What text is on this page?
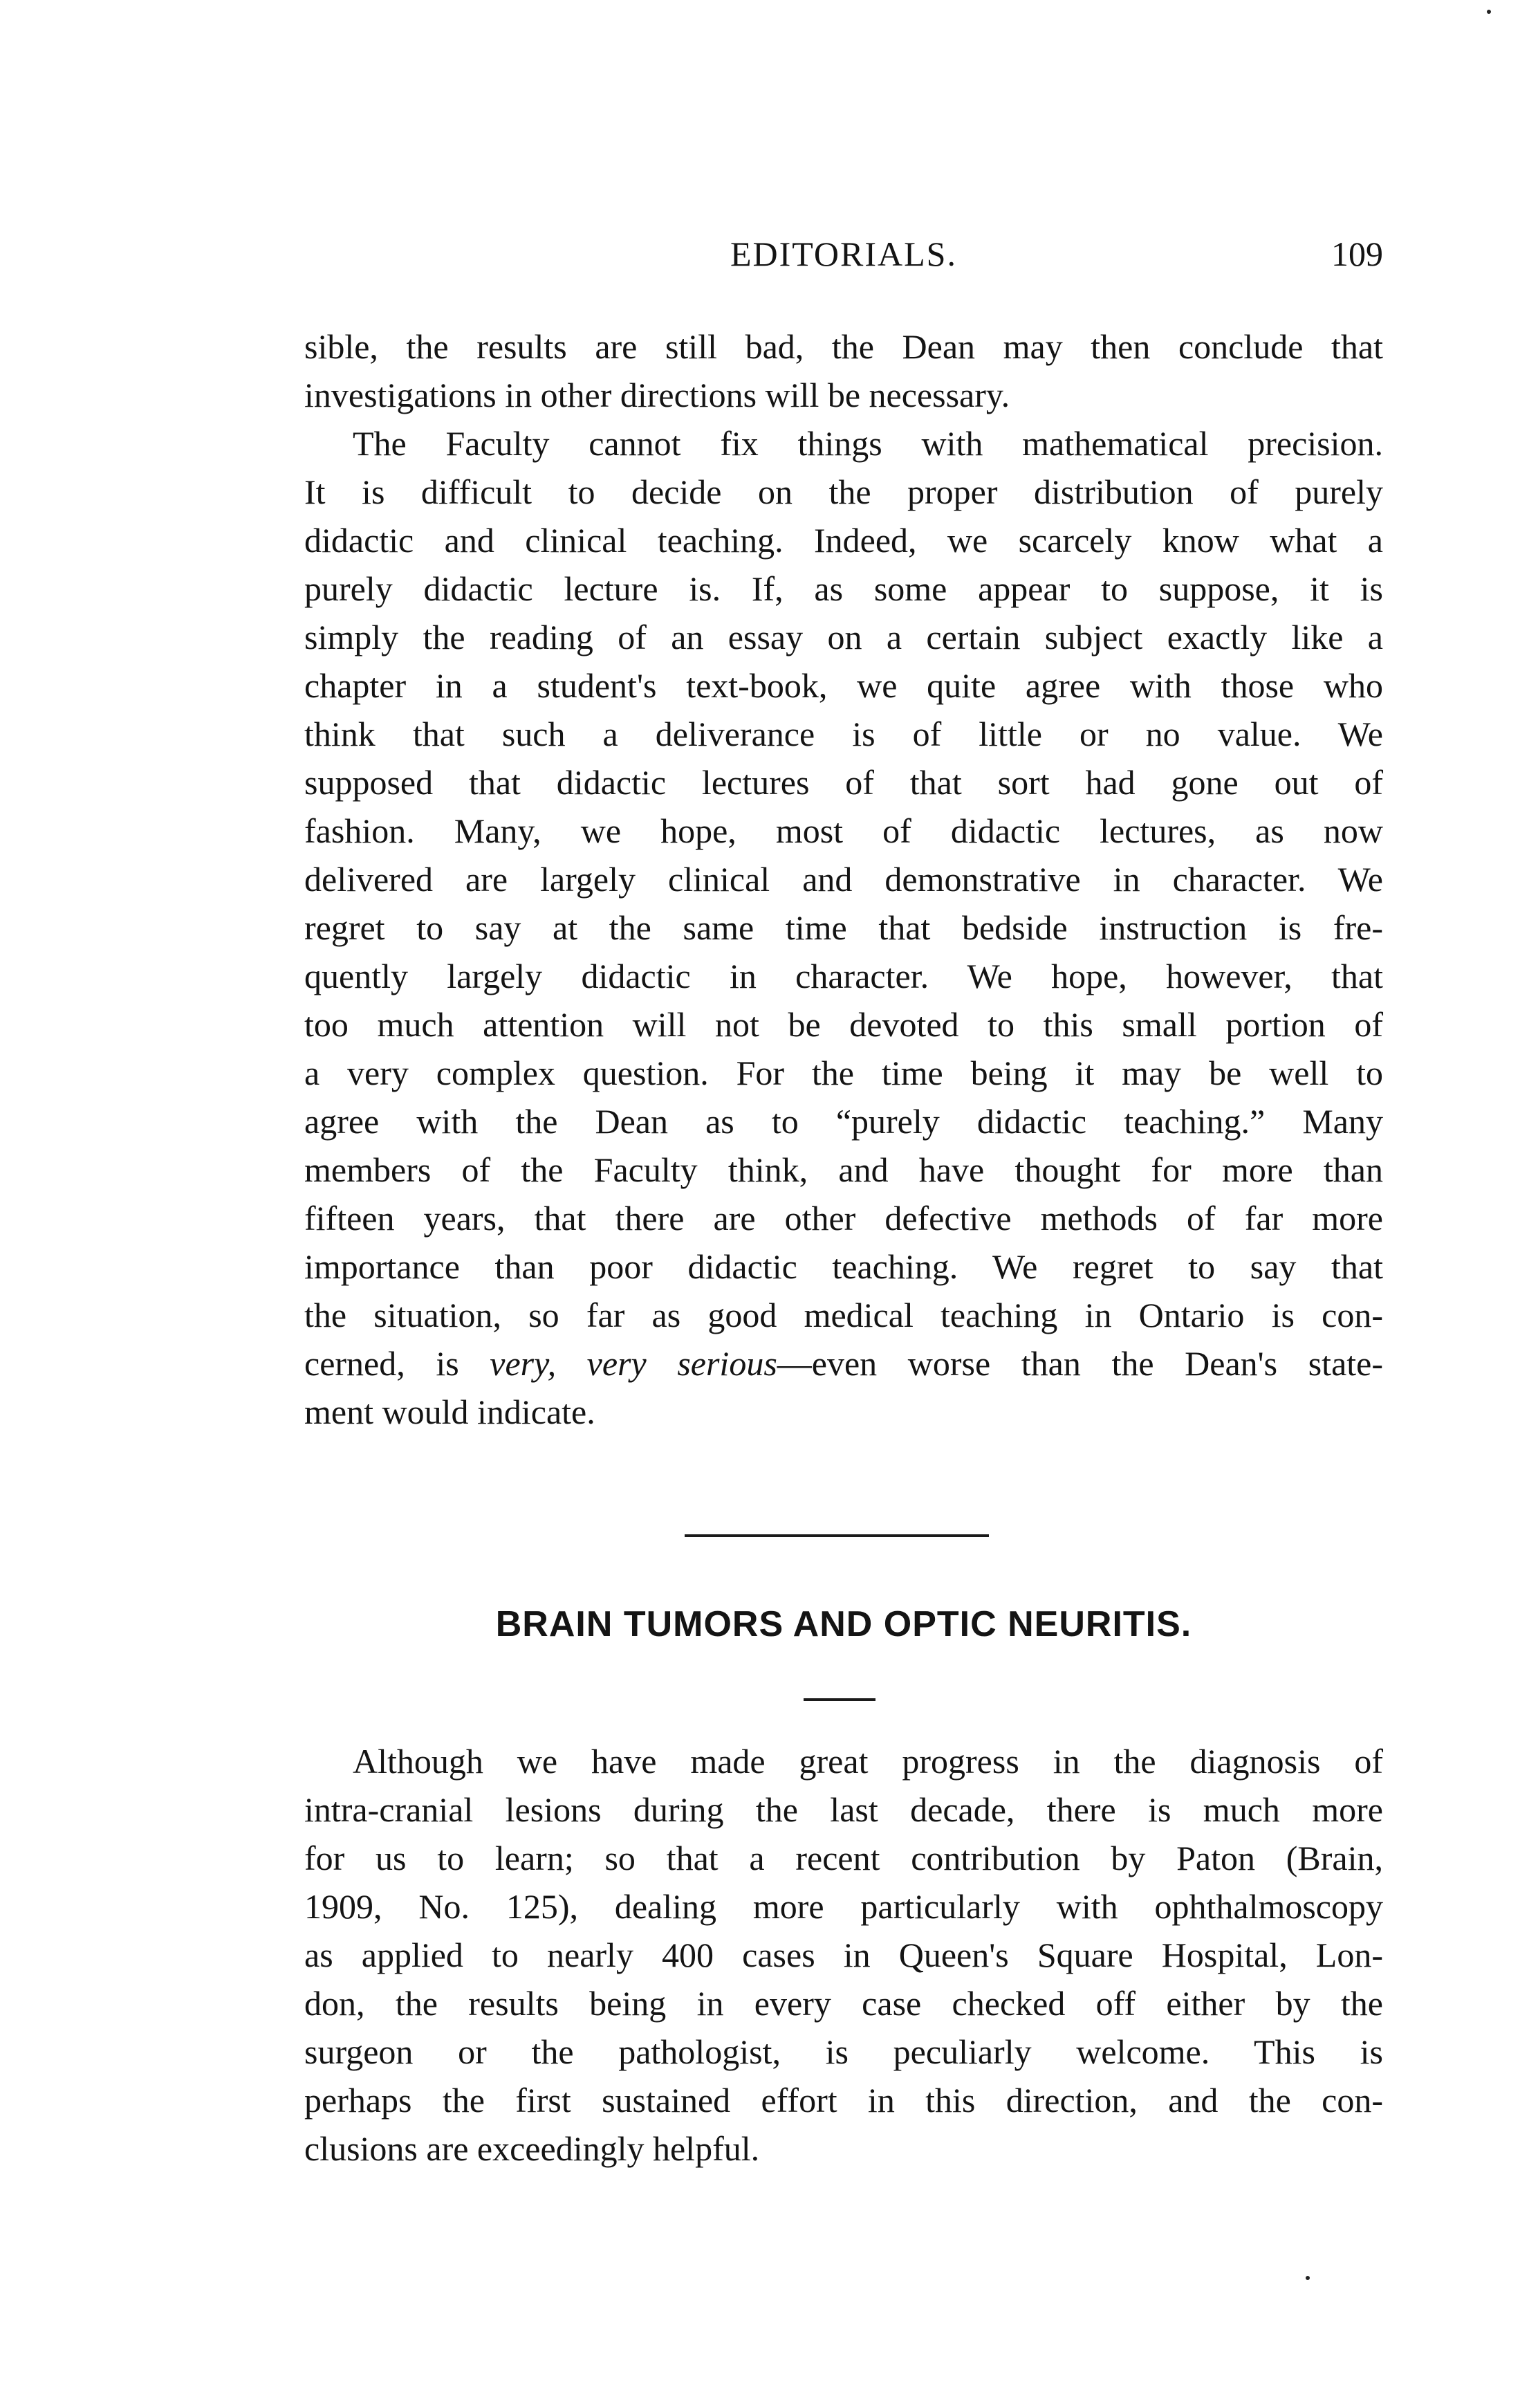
EDITORIALS.	109
sible, the results are still bad, the Dean may then conclude that
investigations in other directions will be necessary.
The Faculty cannot fix things with mathematical precision.
It is difficult to decide on the proper distribution of purely
didactic and clinical teaching. Indeed, we scarcely know what a
purely didactic lecture is. If, as some appear to suppose, it is
simply the reading of an essay on a certain subject exactly like a
chapter in a student's text-book, we quite agree with those who
think that such a deliverance is of little or no value. We
supposed that didactic lectures of that sort had gone out of
fashion. Many, we hope, most of didactic lectures, as now
delivered are largely clinical and demonstrative in character. We
regret to say at the same time that bedside instruction is fre-
quently largely didactic in character. We hope, however, that
too much attention will not be devoted to this small portion of
a very complex question. For the time being it may be well to
agree with the Dean as to “purely didactic teaching.” Many
members of the Faculty think, and have thought for more than
fifteen years, that there are other defective methods of far more
importance than poor didactic teaching. We regret to say that
the situation, so far as good medical teaching in Ontario is con-
cerned, is very, very serious—even worse than the Dean's state-
ment would indicate.
BRAIN TUMORS AND OPTIC NEURITIS.
Although we have made great progress in the diagnosis of
intra-cranial lesions during the last decade, there is much more
for us to learn; so that a recent contribution by Paton (Brain,
1909, No. 125), dealing more particularly with ophthalmoscopy
as applied to nearly 400 cases in Queen's Square Hospital, Lon-
don, the results being in every case checked off either by the
surgeon or the pathologist, is peculiarly welcome. This is
perhaps the first sustained effort in this direction, and the con-
clusions are exceedingly helpful.
